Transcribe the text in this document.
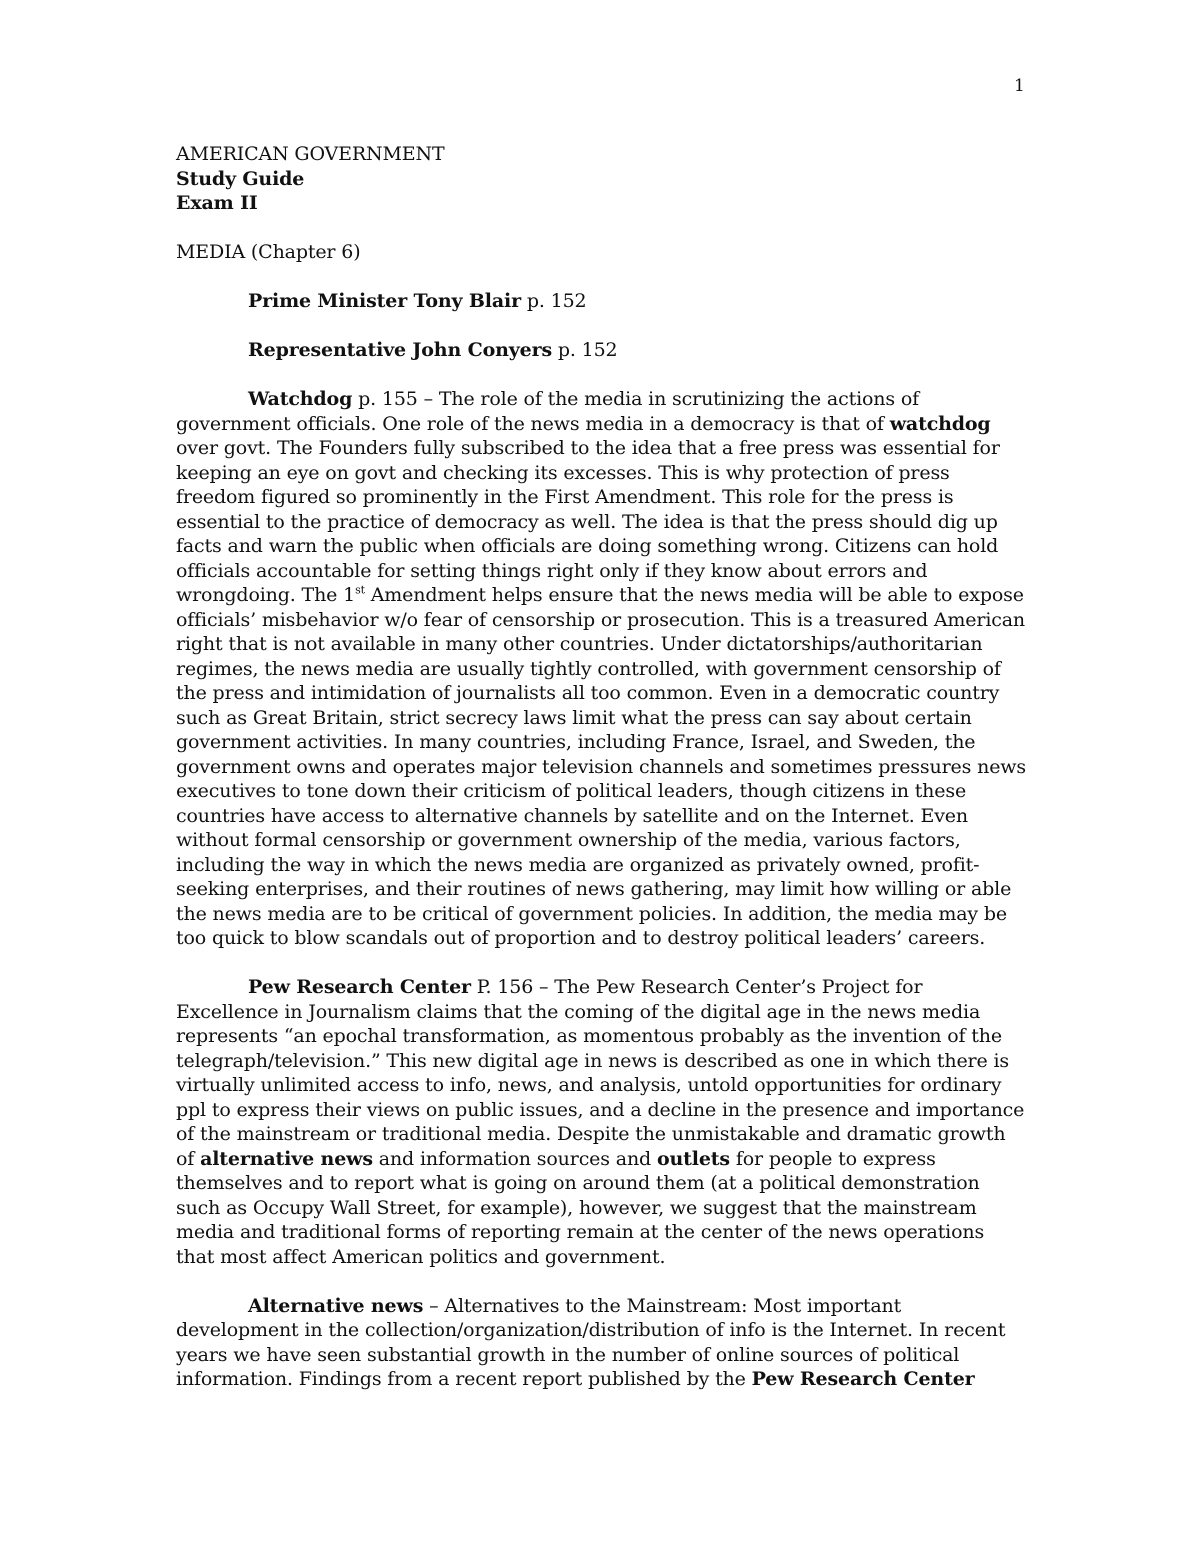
1

AMERICAN GOVERNMENT

Study Guide

Exam II

MEDIA (Chapter 6)

Prime Minister Tony Blair p. 152

Representative John Conyers p. 152

Watchdog p. 155 – The role of the media in scrutinizing the actions of government officials. One role of the news media in a democracy is that of watchdog over govt. The Founders fully subscribed to the idea that a free press was essential for keeping an eye on govt and checking its excesses. This is why protection of press freedom figured so prominently in the First Amendment. This role for the press is essential to the practice of democracy as well. The idea is that the press should dig up facts and warn the public when officials are doing something wrong. Citizens can hold officials accountable for setting things right only if they know about errors and wrongdoing. The 1st Amendment helps ensure that the news media will be able to expose officials’ misbehavior w/o fear of censorship or prosecution. This is a treasured American right that is not available in many other countries. Under dictatorships/authoritarian regimes, the news media are usually tightly controlled, with government censorship of the press and intimidation of journalists all too common. Even in a democratic country such as Great Britain, strict secrecy laws limit what the press can say about certain government activities. In many countries, including France, Israel, and Sweden, the government owns and operates major television channels and sometimes pressures news executives to tone down their criticism of political leaders, though citizens in these countries have access to alternative channels by satellite and on the Internet. Even without formal censorship or government ownership of the media, various factors, including the way in which the news media are organized as privately owned, profit-seeking enterprises, and their routines of news gathering, may limit how willing or able the news media are to be critical of government policies. In addition, the media may be too quick to blow scandals out of proportion and to destroy political leaders’ careers.

Pew Research Center P. 156 – The Pew Research Center’s Project for Excellence in Journalism claims that the coming of the digital age in the news media represents “an epochal transformation, as momentous probably as the invention of the telegraph/television.” This new digital age in news is described as one in which there is virtually unlimited access to info, news, and analysis, untold opportunities for ordinary ppl to express their views on public issues, and a decline in the presence and importance of the mainstream or traditional media. Despite the unmistakable and dramatic growth of alternative news and information sources and outlets for people to express themselves and to report what is going on around them (at a political demonstration such as Occupy Wall Street, for example), however, we suggest that the mainstream media and traditional forms of reporting remain at the center of the news operations that most affect American politics and government.

Alternative news – Alternatives to the Mainstream: Most important development in the collection/organization/distribution of info is the Internet. In recent years we have seen substantial growth in the number of online sources of political information. Findings from a recent report published by the Pew Research Center
